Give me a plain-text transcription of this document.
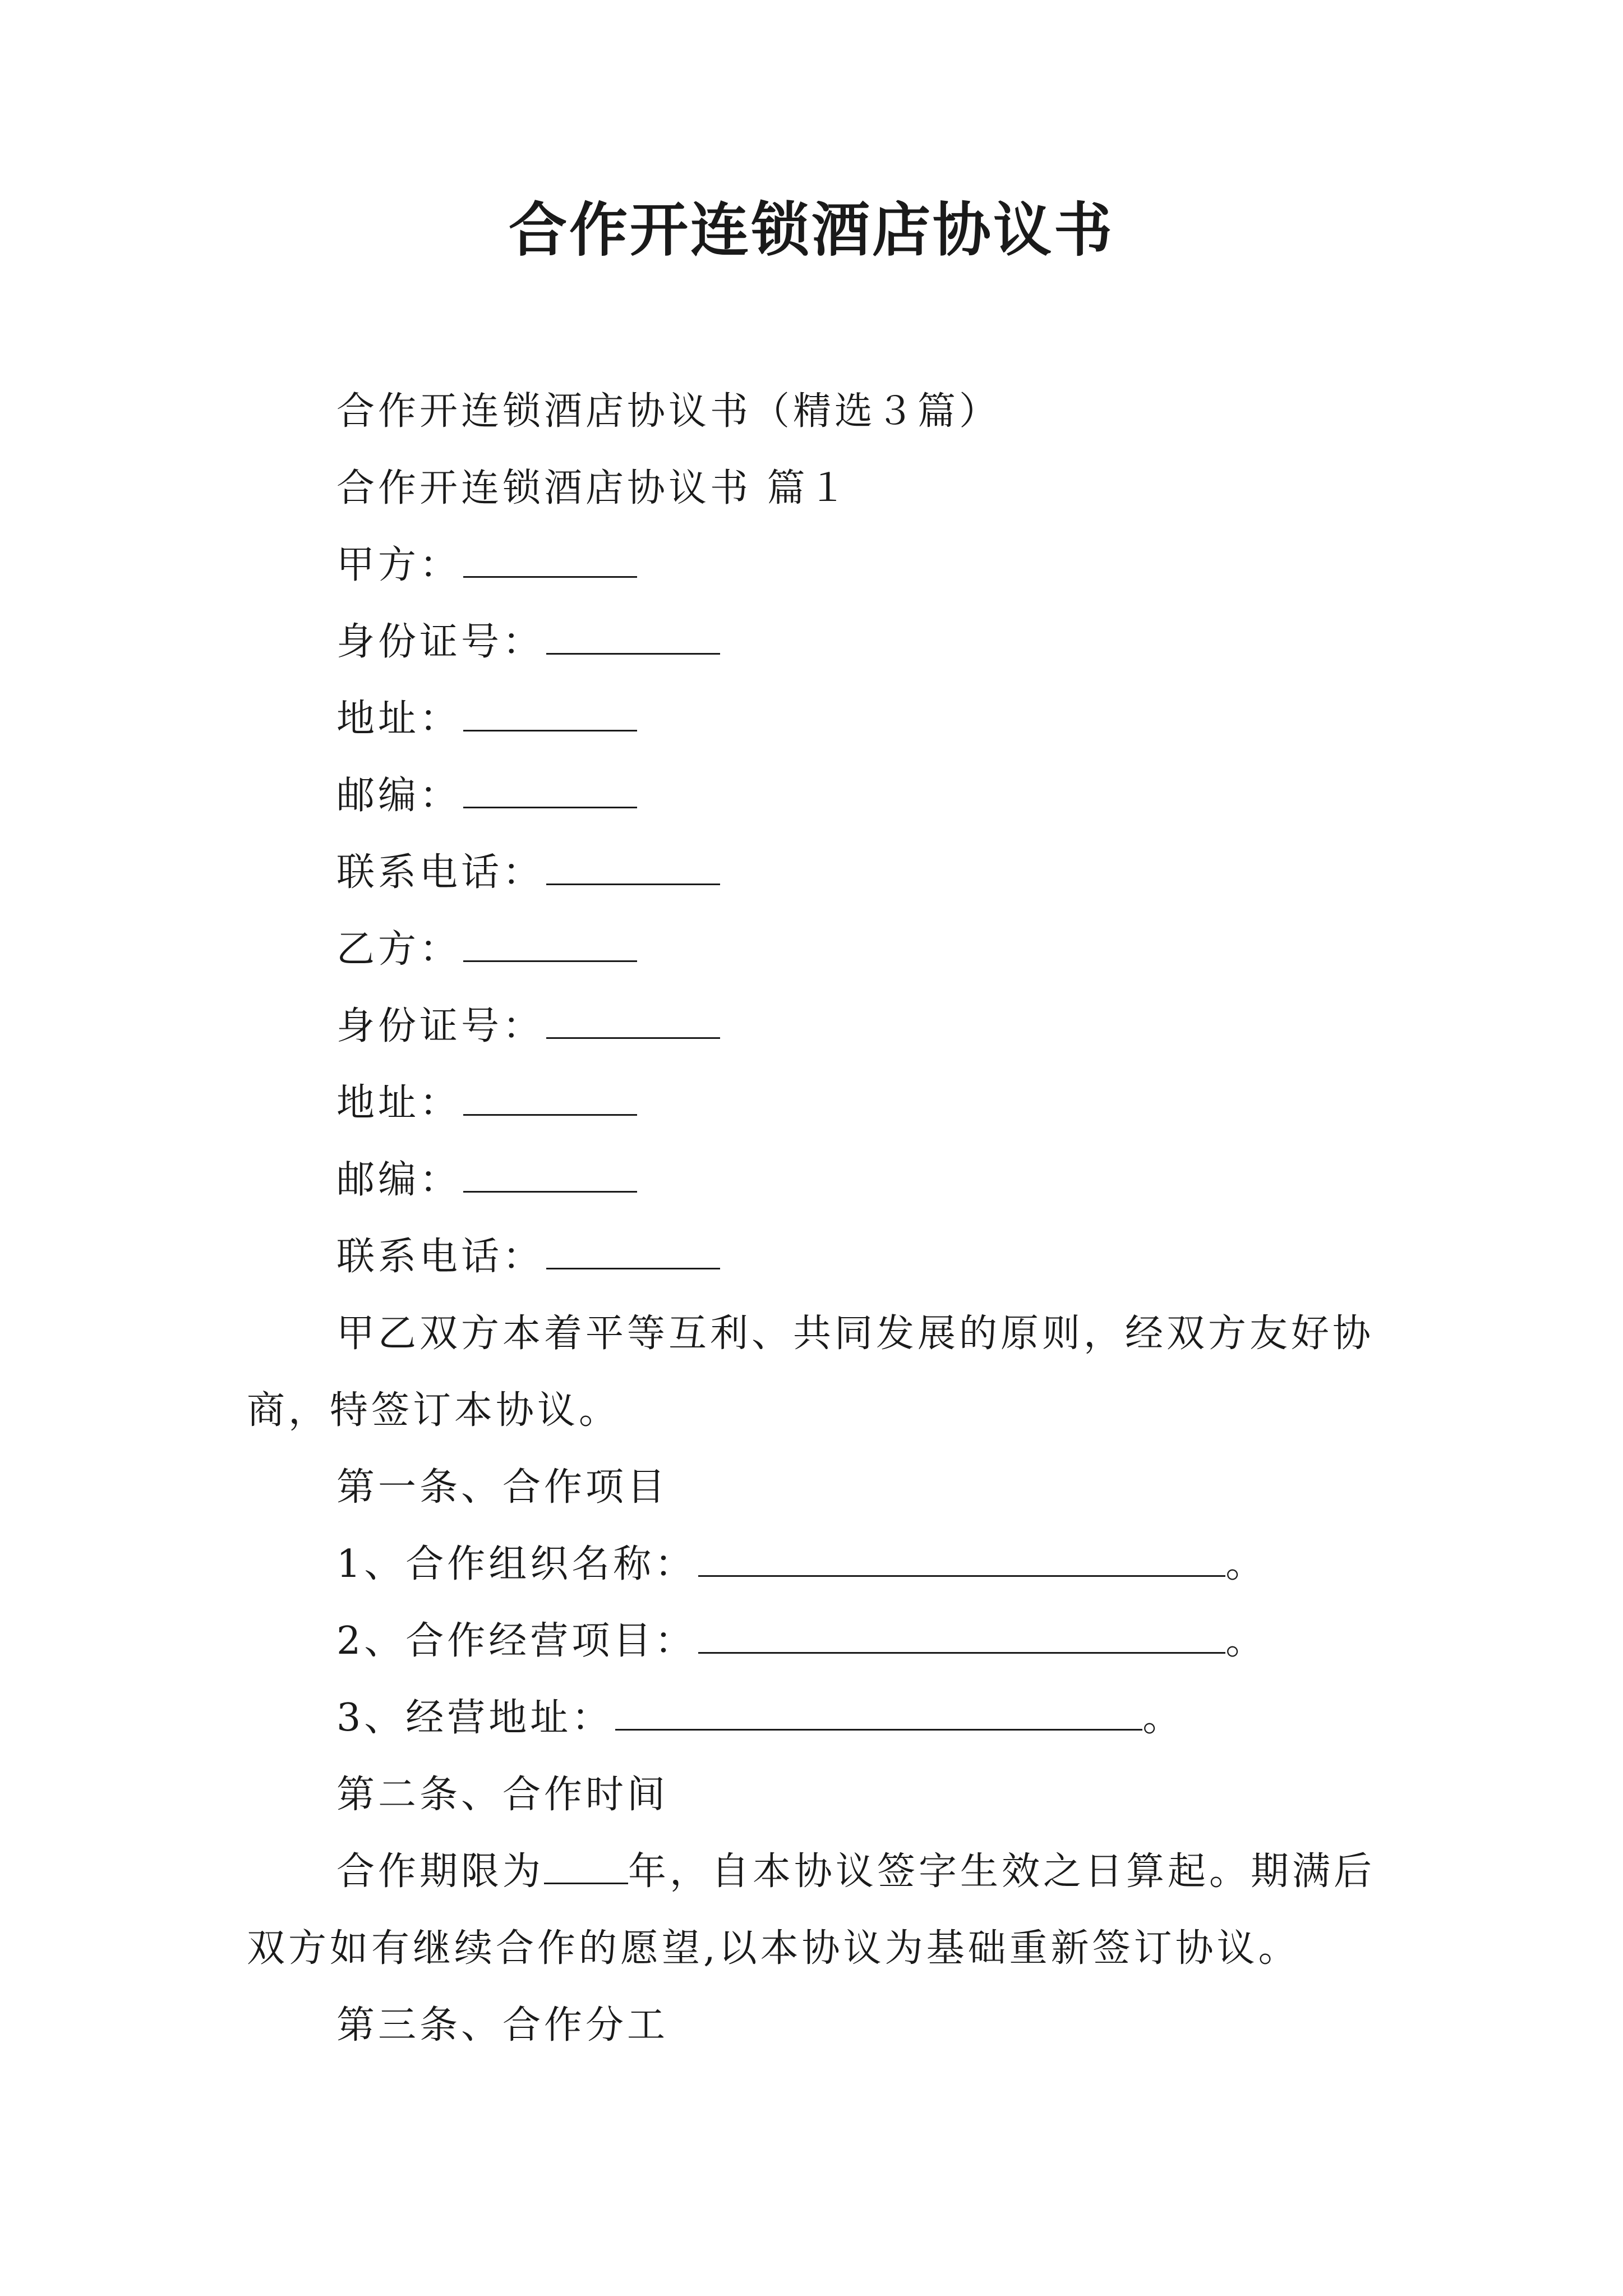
合作开连锁酒店协议书
合作开连锁酒店协议书（精选３篇）
合作开连锁酒店协议书 篇１
甲方：
身份证号：
地址：
邮编：
联系电话：
乙方：
身份证号：
地址：
邮编：
联系电话：

甲乙双方本着平等互利、共同发展的原则，经双方友好协商，特签订本协议。

第一条、合作项目
1、合作组织名称：	。
2、合作经营项目：	。
3、经营地址：	。
第二条、合作时间

合作期限为 年，自本协议签字生效之日算起。期满后双方如有继续合作的愿望,以本协议为基础重新签订协议。

第三条、合作分工
